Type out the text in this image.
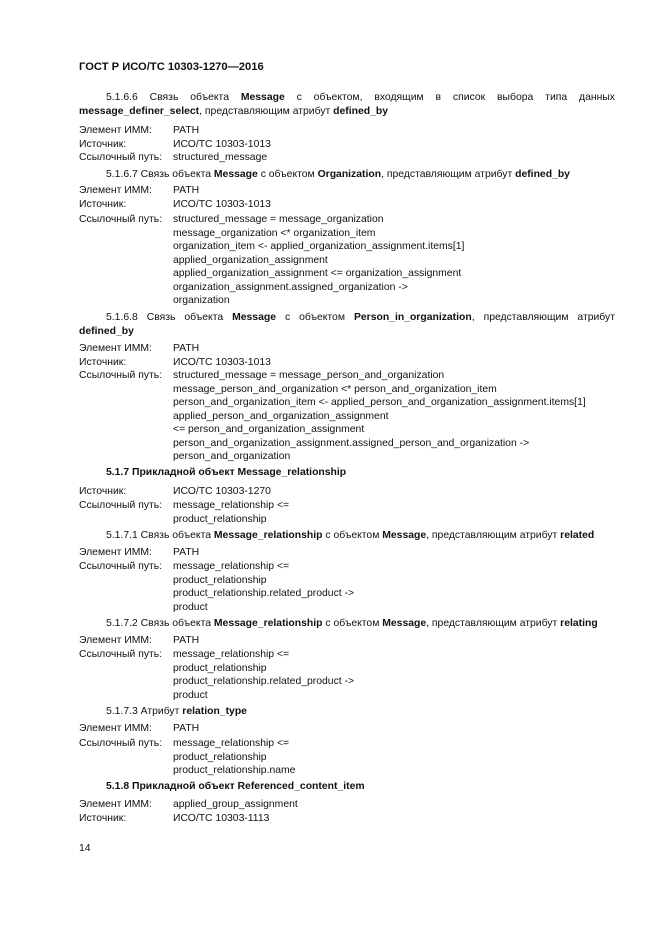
ГОСТ Р ИСО/ТС 10303-1270—2016
5.1.6.6 Связь объекта Message с объектом, входящим в список выбора типа данных message_definer_select, представляющим атрибут defined_by
Элемент ИММ: PATH
Источник:	ИСО/ТС 10303-1013
Ссылочный путь: structured_message
5.1.6.7 Связь объекта Message с объектом Organization, представляющим атрибут defined_by
Элемент ИММ: PATH
Источник:	ИСО/ТС 10303-1013
Ссылочный путь: structured_message = message_organization
message_organization <* organization_item
organization_item <- applied_organization_assignment.items[1]
applied_organization_assignment
applied_organization_assignment <= organization_assignment
organization_assignment.assigned_organization ->
organization
5.1.6.8 Связь объекта Message с объектом Person_in_organization, представляющим атрибут defined_by
Элемент ИММ: PATH
Источник:	ИСО/ТС 10303-1013
Ссылочный путь: structured_message = message_person_and_organization
message_person_and_organization <* person_and_organization_item
person_and_organization_item <- applied_person_and_organization_assignment.items[1]
applied_person_and_organization_assignment
<= person_and_organization_assignment
person_and_organization_assignment.assigned_person_and_organization ->
person_and_organization
5.1.7 Прикладной объект Message_relationship
Источник:	ИСО/ТС 10303-1270
Ссылочный путь: message_relationship <=
product_relationship
5.1.7.1 Связь объекта Message_relationship с объектом Message, представляющим атрибут related
Элемент ИММ: PATH
Ссылочный путь: message_relationship <=
product_relationship
product_relationship.related_product ->
product
5.1.7.2 Связь объекта Message_relationship с объектом Message, представляющим атрибут relating
Элемент ИММ: PATH
Ссылочный путь: message_relationship <=
product_relationship
product_relationship.related_product ->
product
5.1.7.3 Атрибут relation_type
Элемент ИММ: PATH
Ссылочный путь: message_relationship <=
product_relationship
product_relationship.name
5.1.8 Прикладной объект Referenced_content_item
Элемент ИММ: applied_group_assignment
Источник:	ИСО/ТС 10303-1113
14
